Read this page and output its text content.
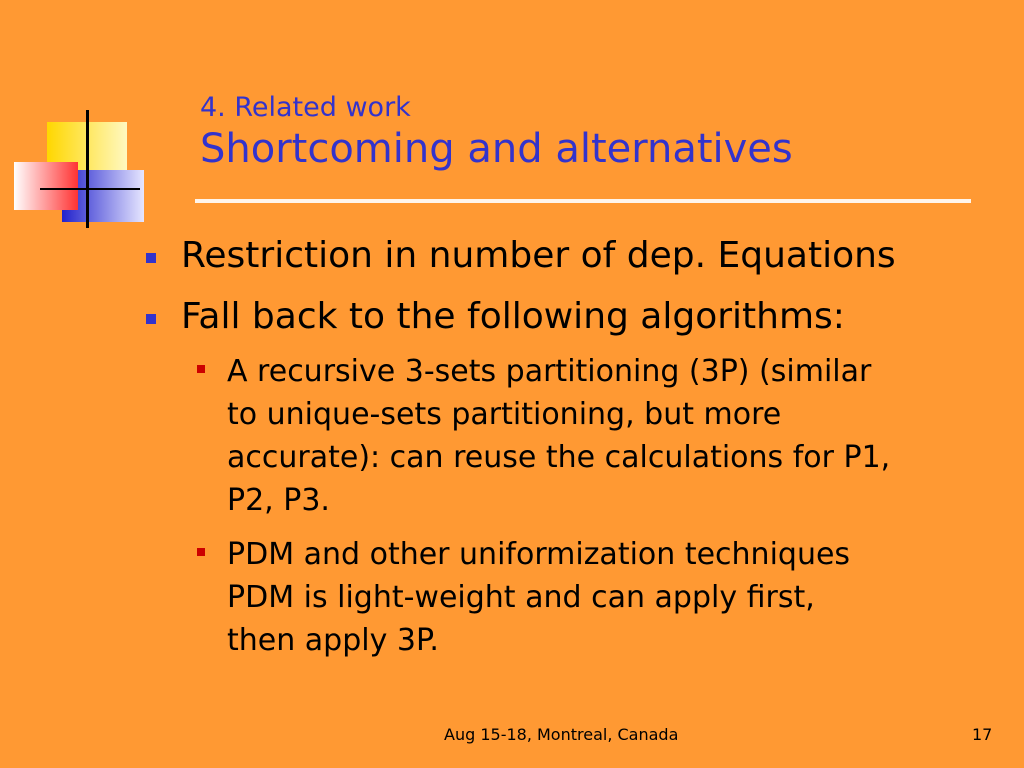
4. Related work
Shortcoming and alternatives
Restriction in number of dep. Equations
Fall back to the following algorithms:
A recursive 3-sets partitioning (3P) (similar
to unique-sets partitioning, but more
accurate): can reuse the calculations for P1,
P2, P3.
PDM and other uniformization techniques
PDM is light-weight and can apply first,
then apply 3P.
Aug 15-18, Montreal, Canada	17
